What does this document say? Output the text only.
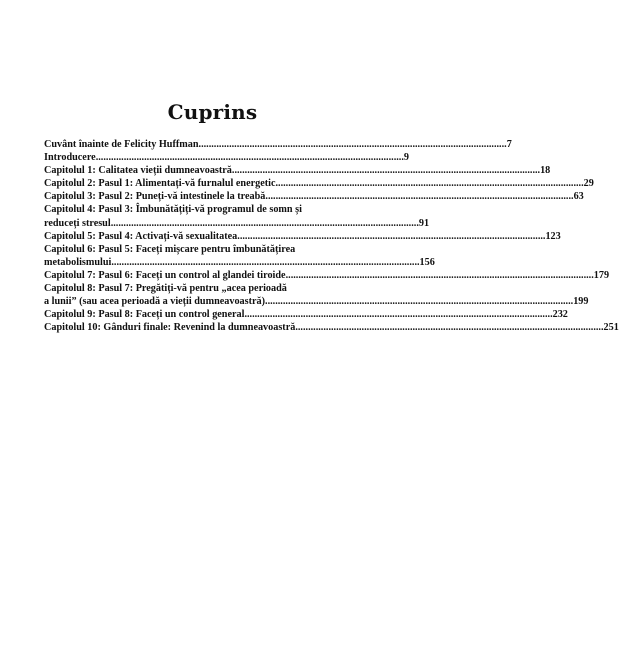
Cuprins
Cuvânt înainte de Felicity Huffman ......................................................................................................................... 7
Introducere ......................................................................................................................... 9
Capitolul 1: Calitatea vieții dumneavoastră ......................................................................................................................... 18
Capitolul 2: Pasul 1: Alimentați-vă furnalul energetic ......................................................................................................................... 29
Capitolul 3: Pasul 2: Puneți-vă intestinele la treabă ......................................................................................................................... 63
Capitolul 4: Pasul 3: Îmbunătățiți-vă programul de somn și
reduceți stresul ......................................................................................................................... 91
Capitolul 5: Pasul 4: Activați-vă sexualitatea ......................................................................................................................... 123
Capitolul 6: Pasul 5: Faceți mișcare pentru îmbunătățirea
metabolismului ......................................................................................................................... 156
Capitolul 7: Pasul 6: Faceți un control al glandei tiroide ......................................................................................................................... 179
Capitolul 8: Pasul 7: Pregătiți-vă pentru „acea perioadă
a lunii” (sau acea perioadă a vieții dumneavoastră) ......................................................................................................................... 199
Capitolul 9: Pasul 8: Faceți un control general ......................................................................................................................... 232
Capitolul 10: Gânduri finale: Revenind la dumneavoastră ......................................................................................................................... 251
